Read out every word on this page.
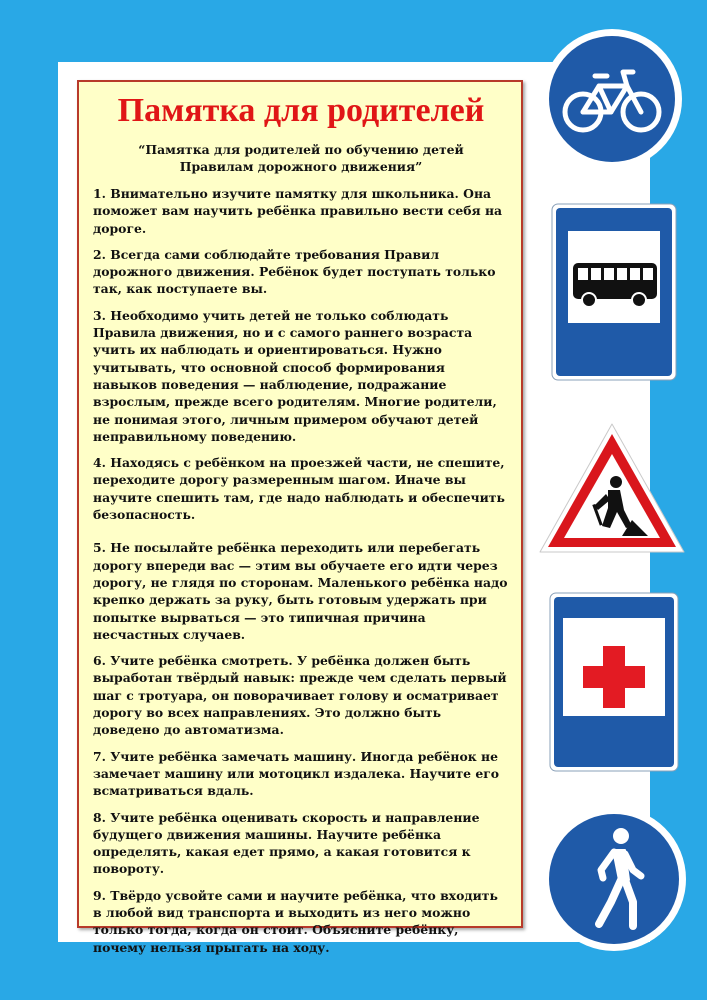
Памятка для родителей
“Памятка для родителей по обучению детей
Правилам дорожного движения”

1. Внимательно изучите памятку для школьника. Она поможет вам научить ребёнка правильно вести себя на дороге.

2. Всегда сами соблюдайте требования Правил дорожного движения. Ребёнок будет поступать только так, как поступаете вы.

3. Необходимо учить детей не только соблюдать Правила движения, но и с самого раннего возраста учить их наблюдать и ориентироваться. Нужно учитывать, что основной способ формирования навыков поведения — наблюдение, подражание взрослым, прежде всего родителям. Многие родители, не понимая этого, личным примером обучают детей неправильному поведению.

4. Находясь с ребёнком на проезжей части, не спешите, переходите дорогу размеренным шагом. Иначе вы научите спешить там, где надо наблюдать и обеспечить безопасность.

5. Не посылайте ребёнка переходить или перебегать дорогу впереди вас — этим вы обучаете его идти через дорогу, не глядя по сторонам. Маленького ребёнка надо крепко держать за руку, быть готовым удержать при попытке вырваться — это типичная причина несчастных случаев.

6. Учите ребёнка смотреть. У ребёнка должен быть выработан твёрдый навык: прежде чем сделать первый шаг с тротуара, он поворачивает голову и осматривает дорогу во всех направлениях. Это должно быть доведено до автоматизма.

7. Учите ребёнка замечать машину. Иногда ребёнок не замечает машину или мотоцикл издалека. Научите его всматриваться вдаль.

8. Учите ребёнка оценивать скорость и направление будущего движения машины. Научите ребёнка определять, какая едет прямо, а какая готовится к повороту.

9. Твёрдо усвойте сами и научите ребёнка, что входить в любой вид транспорта и выходить из него можно только тогда, когда он стоит. Объясните ребёнку, почему нельзя прыгать на ходу.
